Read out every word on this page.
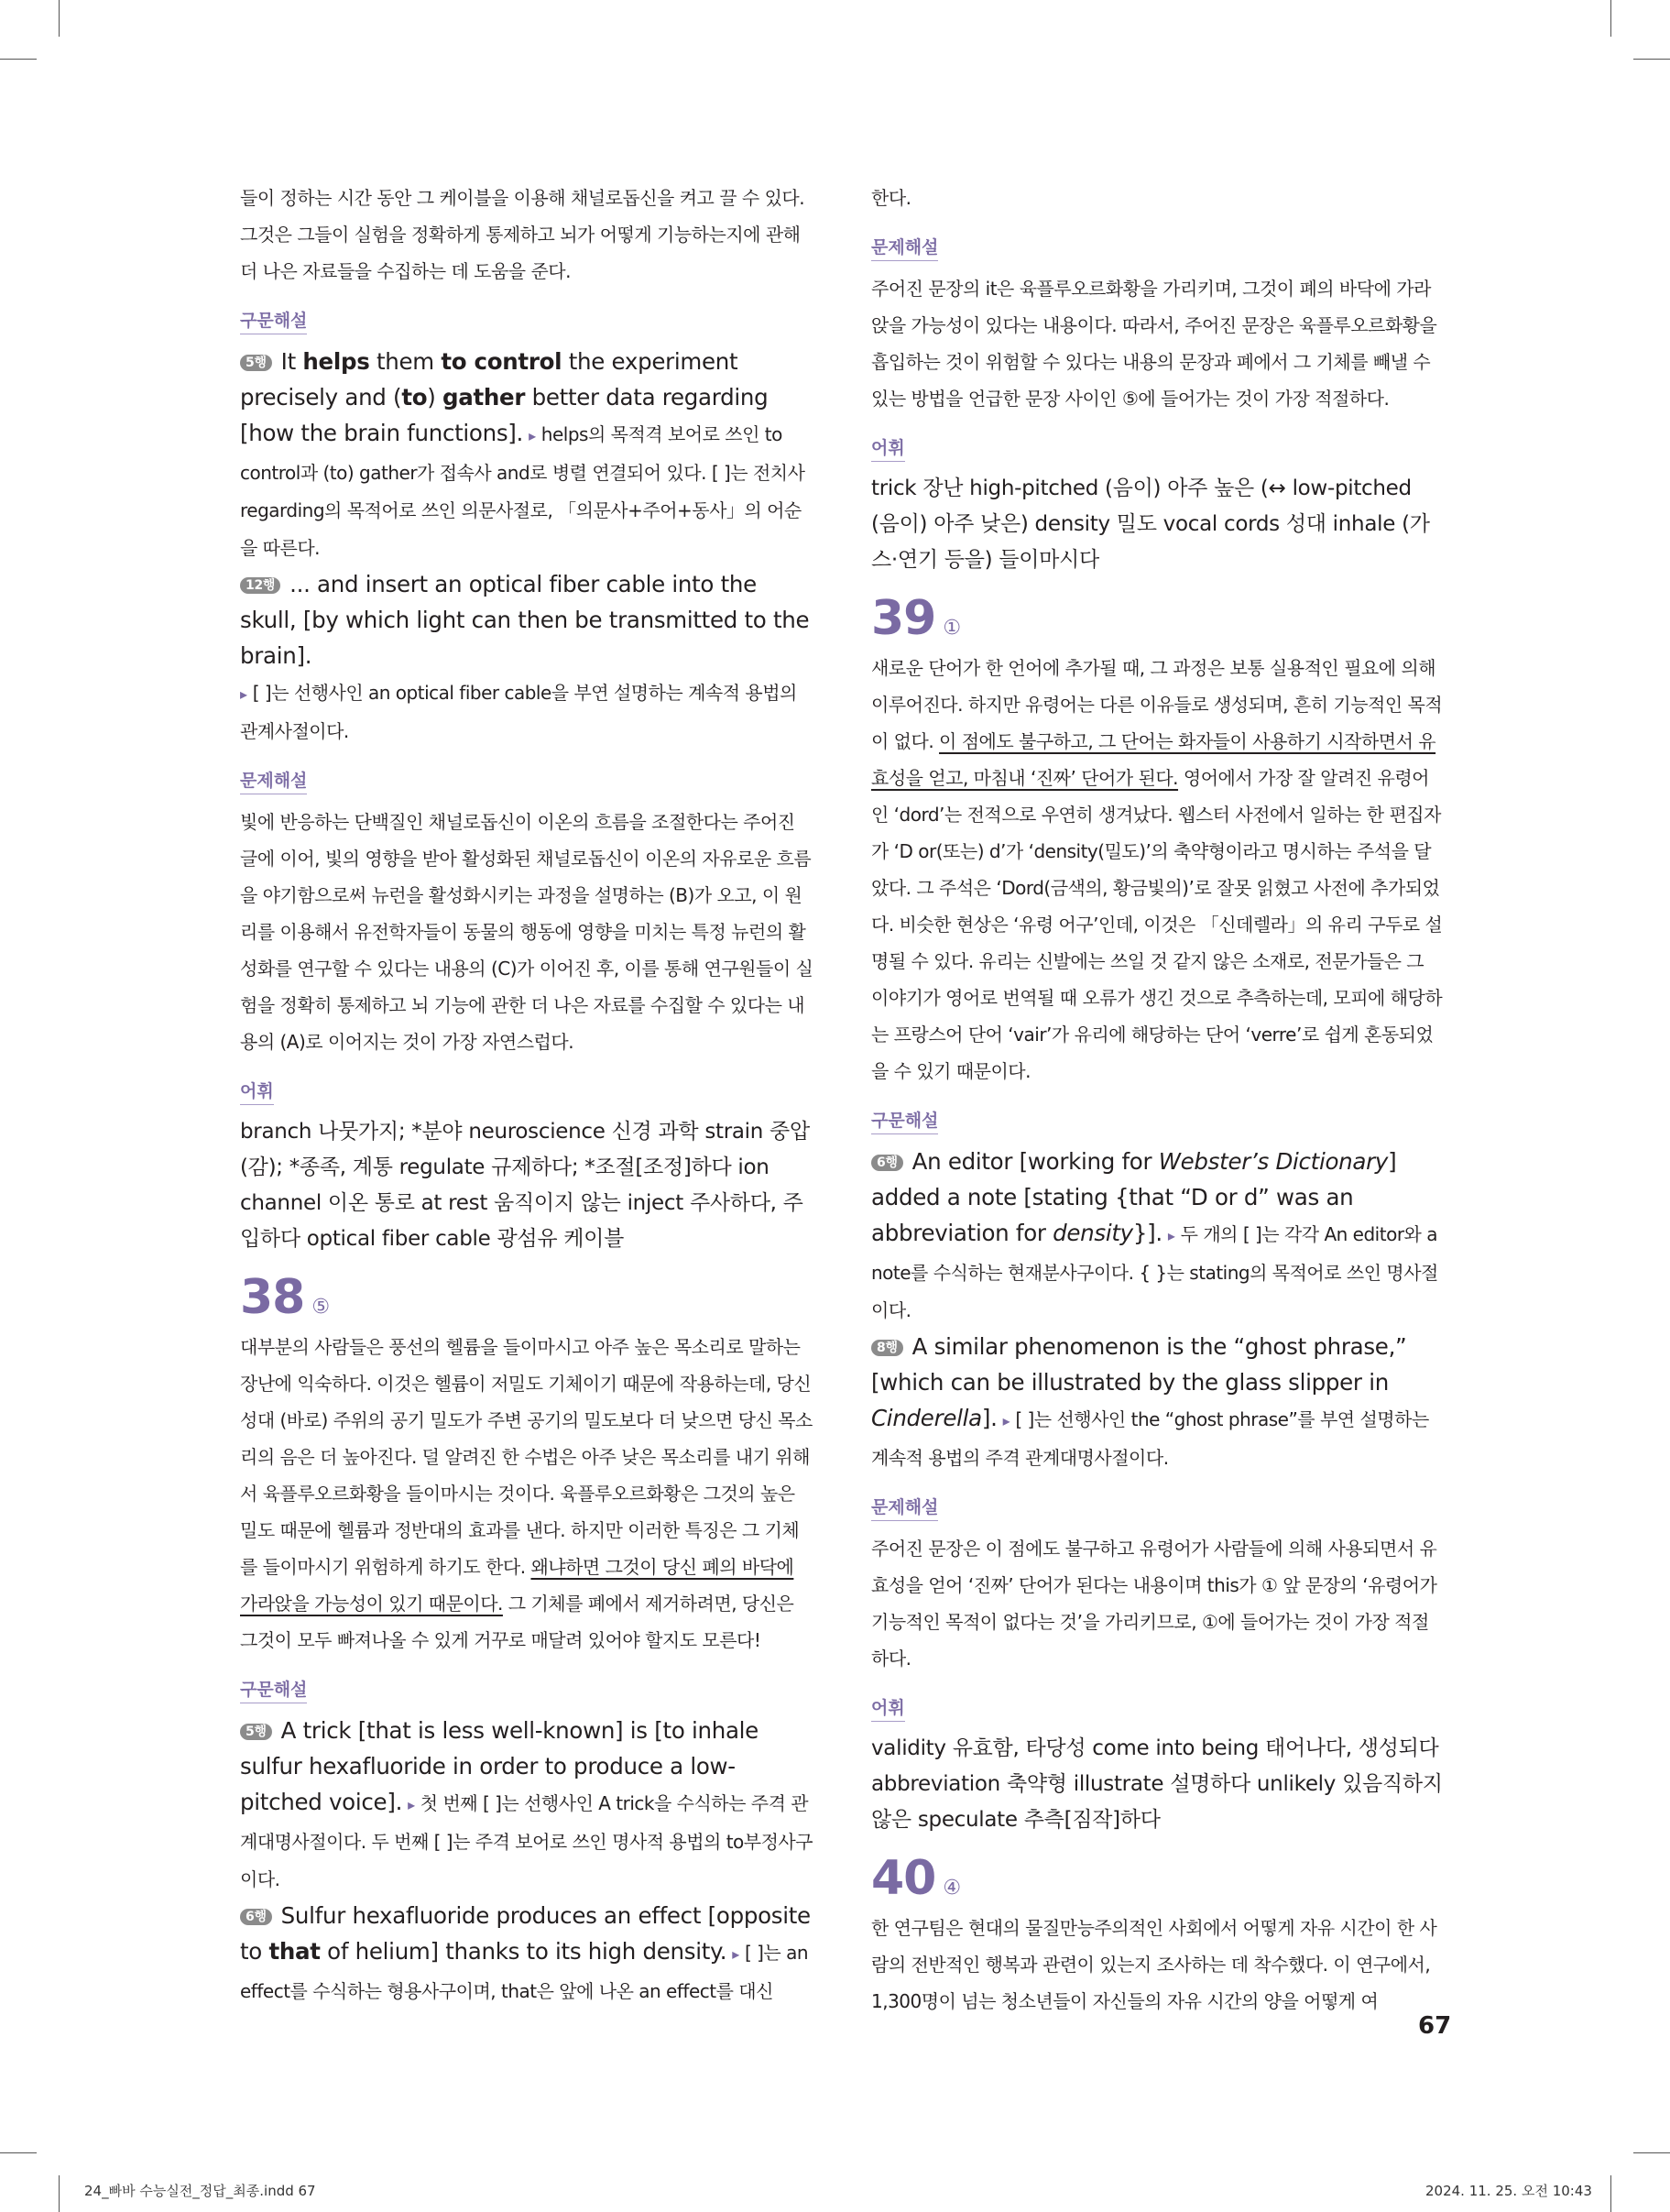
들이 정하는 시간 동안 그 케이블을 이용해 채널로돕신을 켜고 끌 수 있다. 그것은 그들이 실험을 정확하게 통제하고 뇌가 어떻게 기능하는지에 관해 더 나은 자료들을 수집하는 데 도움을 준다.

구문해설

5행 It helps them to control the experiment precisely and (to) gather better data regarding [how the brain functions]. ▸ helps의 목적격 보어로 쓰인 to control과 (to) gather가 접속사 and로 병렬 연결되어 있다. [ ]는 전치사 regarding의 목적어로 쓰인 의문사절로, 「의문사+주어+동사」의 어순을 따른다.

12행 ... and insert an optical fiber cable into the skull, [by which light can then be transmitted to the brain].
▸ [ ]는 선행사인 an optical fiber cable을 부연 설명하는 계속적 용법의 관계사절이다.

문제해설

빛에 반응하는 단백질인 채널로돕신이 이온의 흐름을 조절한다는 주어진 글에 이어, 빛의 영향을 받아 활성화된 채널로돕신이 이온의 자유로운 흐름을 야기함으로써 뉴런을 활성화시키는 과정을 설명하는 (B)가 오고, 이 원리를 이용해서 유전학자들이 동물의 행동에 영향을 미치는 특정 뉴런의 활성화를 연구할 수 있다는 내용의 (C)가 이어진 후, 이를 통해 연구원들이 실험을 정확히 통제하고 뇌 기능에 관한 더 나은 자료를 수집할 수 있다는 내용의 (A)로 이어지는 것이 가장 자연스럽다.

어휘

branch 나뭇가지; *분야 neuroscience 신경 과학 strain 중압(감); *종족, 계통 regulate 규제하다; *조절[조정]하다 ion channel 이온 통로 at rest 움직이지 않는 inject 주사하다, 주입하다 optical fiber cable 광섬유 케이블

38 ⑤

대부분의 사람들은 풍선의 헬륨을 들이마시고 아주 높은 목소리로 말하는 장난에 익숙하다. 이것은 헬륨이 저밀도 기체이기 때문에 작용하는데, 당신 성대 (바로) 주위의 공기 밀도가 주변 공기의 밀도보다 더 낮으면 당신 목소리의 음은 더 높아진다. 덜 알려진 한 수법은 아주 낮은 목소리를 내기 위해서 육플루오르화황을 들이마시는 것이다. 육플루오르화황은 그것의 높은 밀도 때문에 헬륨과 정반대의 효과를 낸다. 하지만 이러한 특징은 그 기체를 들이마시기 위험하게 하기도 한다. 왜냐하면 그것이 당신 폐의 바닥에 가라앉을 가능성이 있기 때문이다. 그 기체를 폐에서 제거하려면, 당신은 그것이 모두 빠져나올 수 있게 거꾸로 매달려 있어야 할지도 모른다!

구문해설

5행 A trick [that is less well-known] is [to inhale sulfur hexafluoride in order to produce a low-pitched voice]. ▸ 첫 번째 [ ]는 선행사인 A trick을 수식하는 주격 관계대명사절이다. 두 번째 [ ]는 주격 보어로 쓰인 명사적 용법의 to부정사구이다.

6행 Sulfur hexafluoride produces an effect [opposite to that of helium] thanks to its high density. ▸ [ ]는 an effect를 수식하는 형용사구이며, that은 앞에 나온 an effect를 대신

한다.

문제해설

주어진 문장의 it은 육플루오르화황을 가리키며, 그것이 폐의 바닥에 가라앉을 가능성이 있다는 내용이다. 따라서, 주어진 문장은 육플루오르화황을 흡입하는 것이 위험할 수 있다는 내용의 문장과 폐에서 그 기체를 빼낼 수 있는 방법을 언급한 문장 사이인 ⑤에 들어가는 것이 가장 적절하다.

어휘

trick 장난 high-pitched (음이) 아주 높은 (↔ low-pitched (음이) 아주 낮은) density 밀도 vocal cords 성대 inhale (가스·연기 등을) 들이마시다

39 ①

새로운 단어가 한 언어에 추가될 때, 그 과정은 보통 실용적인 필요에 의해 이루어진다. 하지만 유령어는 다른 이유들로 생성되며, 흔히 기능적인 목적이 없다. 이 점에도 불구하고, 그 단어는 화자들이 사용하기 시작하면서 유효성을 얻고, 마침내 ‘진짜’ 단어가 된다. 영어에서 가장 잘 알려진 유령어인 ‘dord’는 전적으로 우연히 생겨났다. 웹스터 사전에서 일하는 한 편집자가 ‘D or(또는) d’가 ‘density(밀도)’의 축약형이라고 명시하는 주석을 달았다. 그 주석은 ‘Dord(금색의, 황금빛의)’로 잘못 읽혔고 사전에 추가되었다. 비슷한 현상은 ‘유령 어구’인데, 이것은 「신데렐라」의 유리 구두로 설명될 수 있다. 유리는 신발에는 쓰일 것 같지 않은 소재로, 전문가들은 그 이야기가 영어로 번역될 때 오류가 생긴 것으로 추측하는데, 모피에 해당하는 프랑스어 단어 ‘vair’가 유리에 해당하는 단어 ‘verre’로 쉽게 혼동되었을 수 있기 때문이다.

구문해설

6행 An editor [working for Webster’s Dictionary] added a note [stating {that “D or d” was an abbreviation for density}]. ▸ 두 개의 [ ]는 각각 An editor와 a note를 수식하는 현재분사구이다. { }는 stating의 목적어로 쓰인 명사절이다.

8행 A similar phenomenon is the “ghost phrase,” [which can be illustrated by the glass slipper in Cinderella]. ▸ [ ]는 선행사인 the “ghost phrase”를 부연 설명하는 계속적 용법의 주격 관계대명사절이다.

문제해설

주어진 문장은 이 점에도 불구하고 유령어가 사람들에 의해 사용되면서 유효성을 얻어 ‘진짜’ 단어가 된다는 내용이며 this가 ① 앞 문장의 ‘유령어가 기능적인 목적이 없다는 것’을 가리키므로, ①에 들어가는 것이 가장 적절하다.

어휘

validity 유효함, 타당성 come into being 태어나다, 생성되다 abbreviation 축약형 illustrate 설명하다 unlikely 있음직하지 않은 speculate 추측[짐작]하다

40 ④

한 연구팀은 현대의 물질만능주의적인 사회에서 어떻게 자유 시간이 한 사람의 전반적인 행복과 관련이 있는지 조사하는 데 착수했다. 이 연구에서, 1,300명이 넘는 청소년들이 자신들의 자유 시간의 양을 어떻게 여

67
24_빠바 수능실전_정답_최종.indd 67	2024. 11. 25. 오전 10:43
